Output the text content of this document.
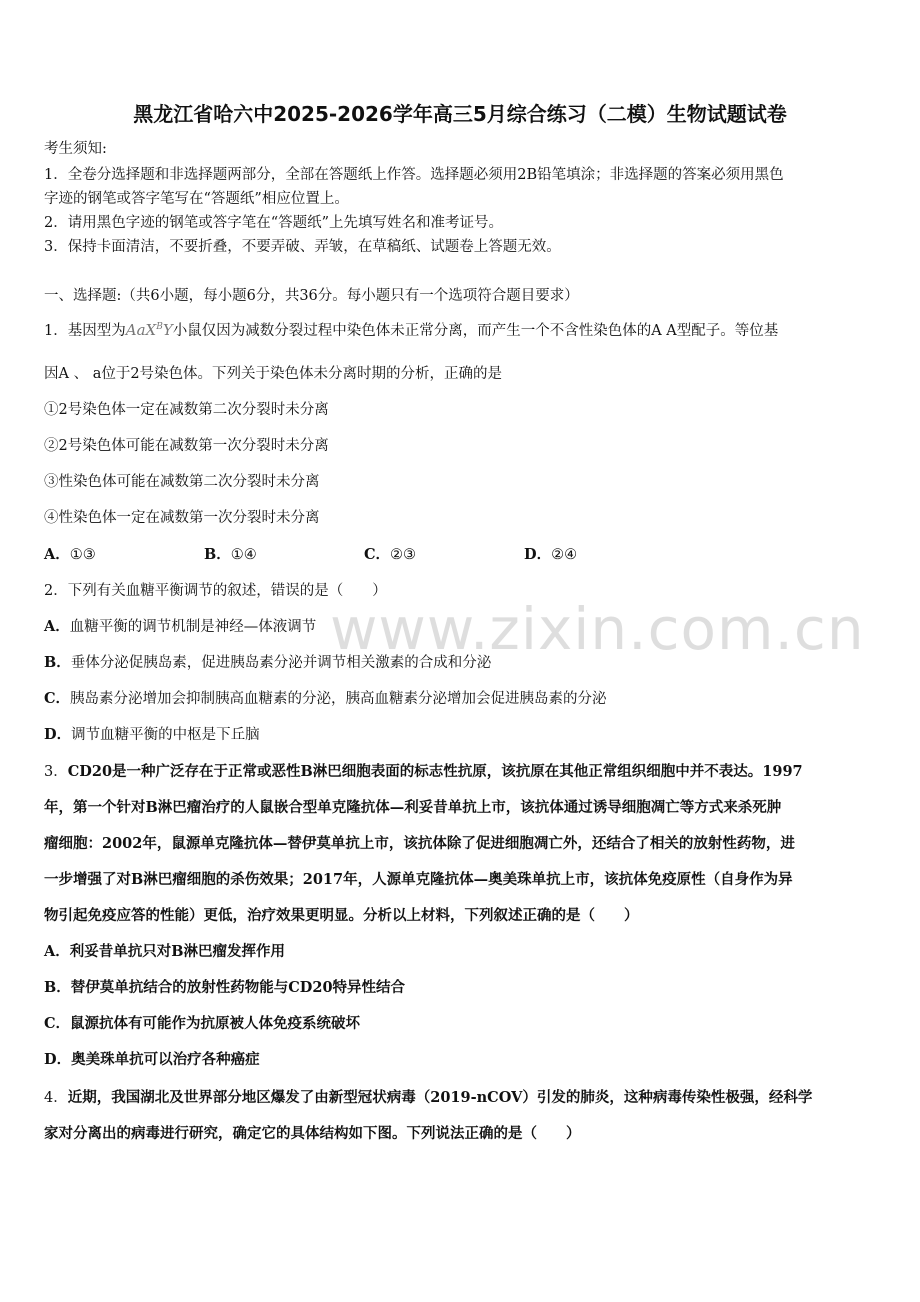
黑龙江省哈六中2025-2026学年高三5月综合练习（二模）生物试题试卷
考生须知:
1．全卷分选择题和非选择题两部分，全部在答题纸上作答。选择题必须用2B铅笔填涂；非选择题的答案必须用黑色
字迹的钢笔或答字笔写在“答题纸”相应位置上。
2．请用黑色字迹的钢笔或答字笔在“答题纸”上先填写姓名和准考证号。
3．保持卡面清洁，不要折叠，不要弄破、弄皱，在草稿纸、试题卷上答题无效。
一、选择题:（共6小题，每小题6分，共36分。每小题只有一个选项符合题目要求）
1．基因型为AaX$^B$Y小鼠仅因为减数分裂过程中染色体未正常分离，而产生一个不含性染色体的A A型配子。等位基
因A 、 a位于2号染色体。下列关于染色体未分离时期的分析，正确的是
①2号染色体一定在减数第二次分裂时未分离
②2号染色体可能在减数第一次分裂时未分离
③性染色体可能在减数第二次分裂时未分离
④性染色体一定在减数第一次分裂时未分离
A．①③	B．①④	C．②③	D．②④
2．下列有关血糖平衡调节的叙述，错误的是（　　）
A．血糖平衡的调节机制是神经—体液调节
B．垂体分泌促胰岛素，促进胰岛素分泌并调节相关激素的合成和分泌
C．胰岛素分泌增加会抑制胰高血糖素的分泌，胰高血糖素分泌增加会促进胰岛素的分泌
D．调节血糖平衡的中枢是下丘脑
3．CD20是一种广泛存在于正常或恶性B淋巴细胞表面的标志性抗原，该抗原在其他正常组织细胞中并不表达。1997
年，第一个针对B淋巴瘤治疗的人鼠嵌合型单克隆抗体—利妥昔单抗上市，该抗体通过诱导细胞凋亡等方式来杀死肿
瘤细胞：2002年，鼠源单克隆抗体—替伊莫单抗上市，该抗体除了促进细胞凋亡外，还结合了相关的放射性药物，进
一步增强了对B淋巴瘤细胞的杀伤效果；2017年，人源单克隆抗体—奥美珠单抗上市，该抗体免疫原性（自身作为异
物引起免疫应答的性能）更低，治疗效果更明显。分析以上材料，下列叙述正确的是（　　）
A．利妥昔单抗只对B淋巴瘤发挥作用
B．替伊莫单抗结合的放射性药物能与CD20特异性结合
C．鼠源抗体有可能作为抗原被人体免疫系统破坏
D．奥美珠单抗可以治疗各种癌症
4．近期，我国湖北及世界部分地区爆发了由新型冠状病毒（2019-nCOV）引发的肺炎，这种病毒传染性极强，经科学
家对分离出的病毒进行研究，确定它的具体结构如下图。下列说法正确的是（　　）
www.zixin.com.cn
